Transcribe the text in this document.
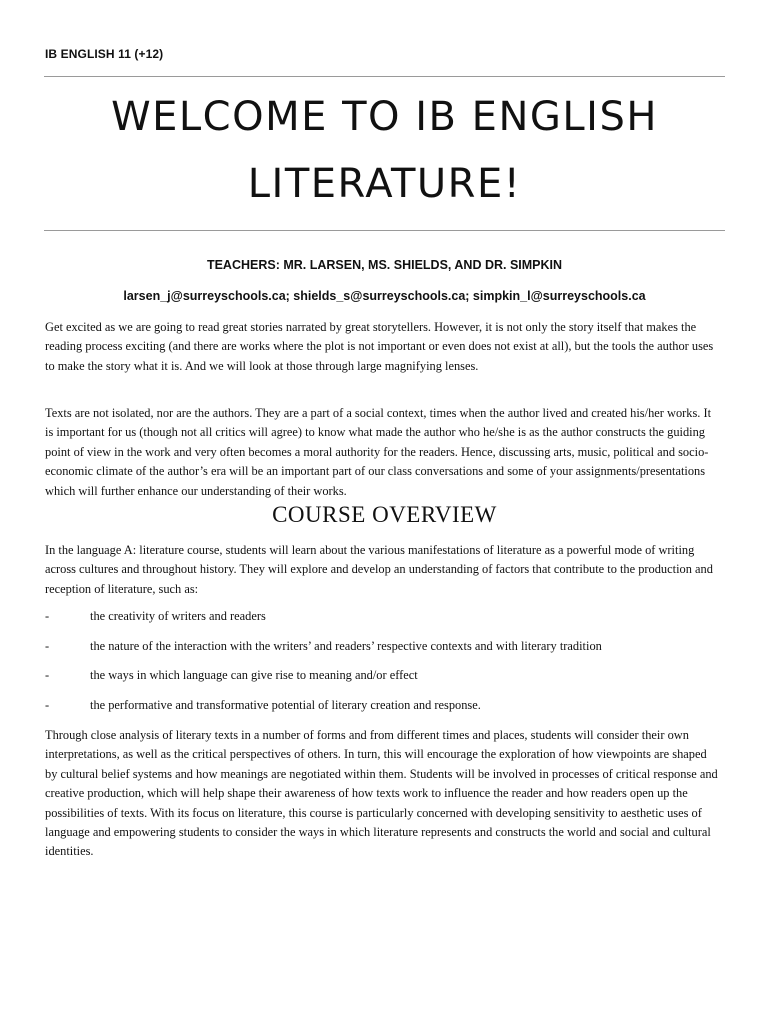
IB ENGLISH 11 (+12)
WELCOME TO IB ENGLISH LITERATURE!
TEACHERS: MR. LARSEN, MS. SHIELDS, AND DR. SIMPKIN
larsen_j@surreyschools.ca; shields_s@surreyschools.ca; simpkin_l@surreyschools.ca

Get excited as we are going to read great stories narrated by great storytellers. However, it is not only the story itself that makes the reading process exciting (and there are works where the plot is not important or even does not exist at all), but the tools the author uses to make the story what it is. And we will look at those through large magnifying lenses.

Texts are not isolated, nor are the authors. They are a part of a social context, times when the author lived and created his/her works. It is important for us (though not all critics will agree) to know what made the author who he/she is as the author constructs the guiding point of view in the work and very often becomes a moral authority for the readers. Hence, discussing arts, music, political and socio-economic climate of the author’s era will be an important part of our class conversations and some of your assignments/presentations which will further enhance our understanding of their works.

COURSE OVERVIEW

In the language A: literature course, students will learn about the various manifestations of literature as a powerful mode of writing across cultures and throughout history. They will explore and develop an understanding of factors that contribute to the production and reception of literature, such as:

-	the creativity of writers and readers
-	the nature of the interaction with the writers’ and readers’ respective contexts and with literary tradition
-	the ways in which language can give rise to meaning and/or effect
-	the performative and transformative potential of literary creation and response.

Through close analysis of literary texts in a number of forms and from different times and places, students will consider their own interpretations, as well as the critical perspectives of others. In turn, this will encourage the exploration of how viewpoints are shaped by cultural belief systems and how meanings are negotiated within them. Students will be involved in processes of critical response and creative production, which will help shape their awareness of how texts work to influence the reader and how readers open up the possibilities of texts. With its focus on literature, this course is particularly concerned with developing sensitivity to aesthetic uses of language and empowering students to consider the ways in which literature represents and constructs the world and social and cultural identities.
